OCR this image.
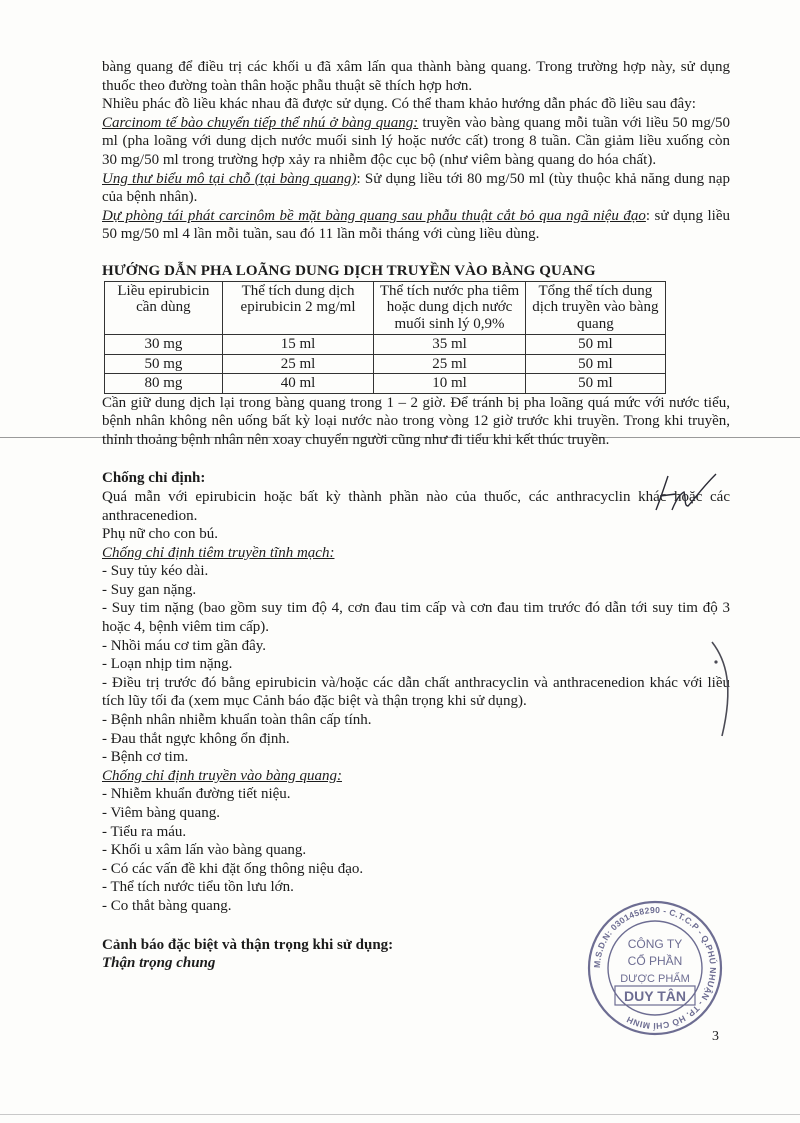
bàng quang để điều trị các khối u đã xâm lấn qua thành bàng quang. Trong trường hợp này, sử dụng thuốc theo đường toàn thân hoặc phẫu thuật sẽ thích hợp hơn.

Nhiều phác đồ liều khác nhau đã được sử dụng. Có thể tham khảo hướng dẫn phác đồ liều sau đây:

Carcinom tế bào chuyển tiếp thể nhú ở bàng quang: truyền vào bàng quang mỗi tuần với liều 50 mg/50 ml (pha loãng với dung dịch nước muối sinh lý hoặc nước cất) trong 8 tuần. Cần giảm liều xuống còn 30 mg/50 ml trong trường hợp xảy ra nhiễm độc cục bộ (như viêm bàng quang do hóa chất).

Ung thư biểu mô tại chỗ (tại bàng quang): Sử dụng liều tới 80 mg/50 ml (tùy thuộc khả năng dung nạp của bệnh nhân).

Dự phòng tái phát carcinôm bề mặt bàng quang sau phẫu thuật cắt bỏ qua ngã niệu đạo: sử dụng liều 50 mg/50 ml 4 lần mỗi tuần, sau đó 11 lần mỗi tháng với cùng liều dùng.

HƯỚNG DẪN PHA LOÃNG DUNG DỊCH TRUYỀN VÀO BÀNG QUANG

Liều epirubicin cần dùng	Thể tích dung dịch epirubicin 2 mg/ml	Thể tích nước pha tiêm hoặc dung dịch nước muối sinh lý 0,9%	Tổng thể tích dung dịch truyền vào bàng quang
30 mg	15 ml	35 ml	50 ml
50 mg	25 ml	25 ml	50 ml
80 mg	40 ml	10 ml	50 ml

Cần giữ dung dịch lại trong bàng quang trong 1 – 2 giờ. Để tránh bị pha loãng quá mức với nước tiểu, bệnh nhân không nên uống bất kỳ loại nước nào trong vòng 12 giờ trước khi truyền. Trong khi truyền, thỉnh thoảng bệnh nhân nên xoay chuyển người cũng như đi tiểu khi kết thúc truyền.

Chống chỉ định:

Quá mẫn với epirubicin hoặc bất kỳ thành phần nào của thuốc, các anthracyclin khác hoặc các anthracenedion.

Phụ nữ cho con bú.

Chống chỉ định tiêm truyền tĩnh mạch:

- Suy tủy kéo dài.

- Suy gan nặng.

- Suy tim nặng (bao gồm suy tim độ 4, cơn đau tim cấp và cơn đau tim trước đó dẫn tới suy tim độ 3 hoặc 4, bệnh viêm tim cấp).

- Nhồi máu cơ tim gần đây.

- Loạn nhịp tim nặng.

- Điều trị trước đó bằng epirubicin và/hoặc các dẫn chất anthracyclin và anthracenedion khác với liều tích lũy tối đa (xem mục Cảnh báo đặc biệt và thận trọng khi sử dụng).

- Bệnh nhân nhiễm khuẩn toàn thân cấp tính.

- Đau thắt ngực không ổn định.

- Bệnh cơ tim.

Chống chỉ định truyền vào bàng quang:

- Nhiễm khuẩn đường tiết niệu.

- Viêm bàng quang.

- Tiểu ra máu.

- Khối u xâm lấn vào bàng quang.

- Có các vấn đề khi đặt ống thông niệu đạo.

- Thể tích nước tiểu tồn lưu lớn.

- Co thắt bàng quang.

Cảnh báo đặc biệt và thận trọng khi sử dụng:

Thận trọng chung	M.S.D.N: 0301458290 - C.T.C.P - Q.PHÚ NHUẬN - TP. HỒ CHÍ MINH
CÔNG TY
CỔ PHẦN
DƯỢC PHẨM
DUY TÂN
3
